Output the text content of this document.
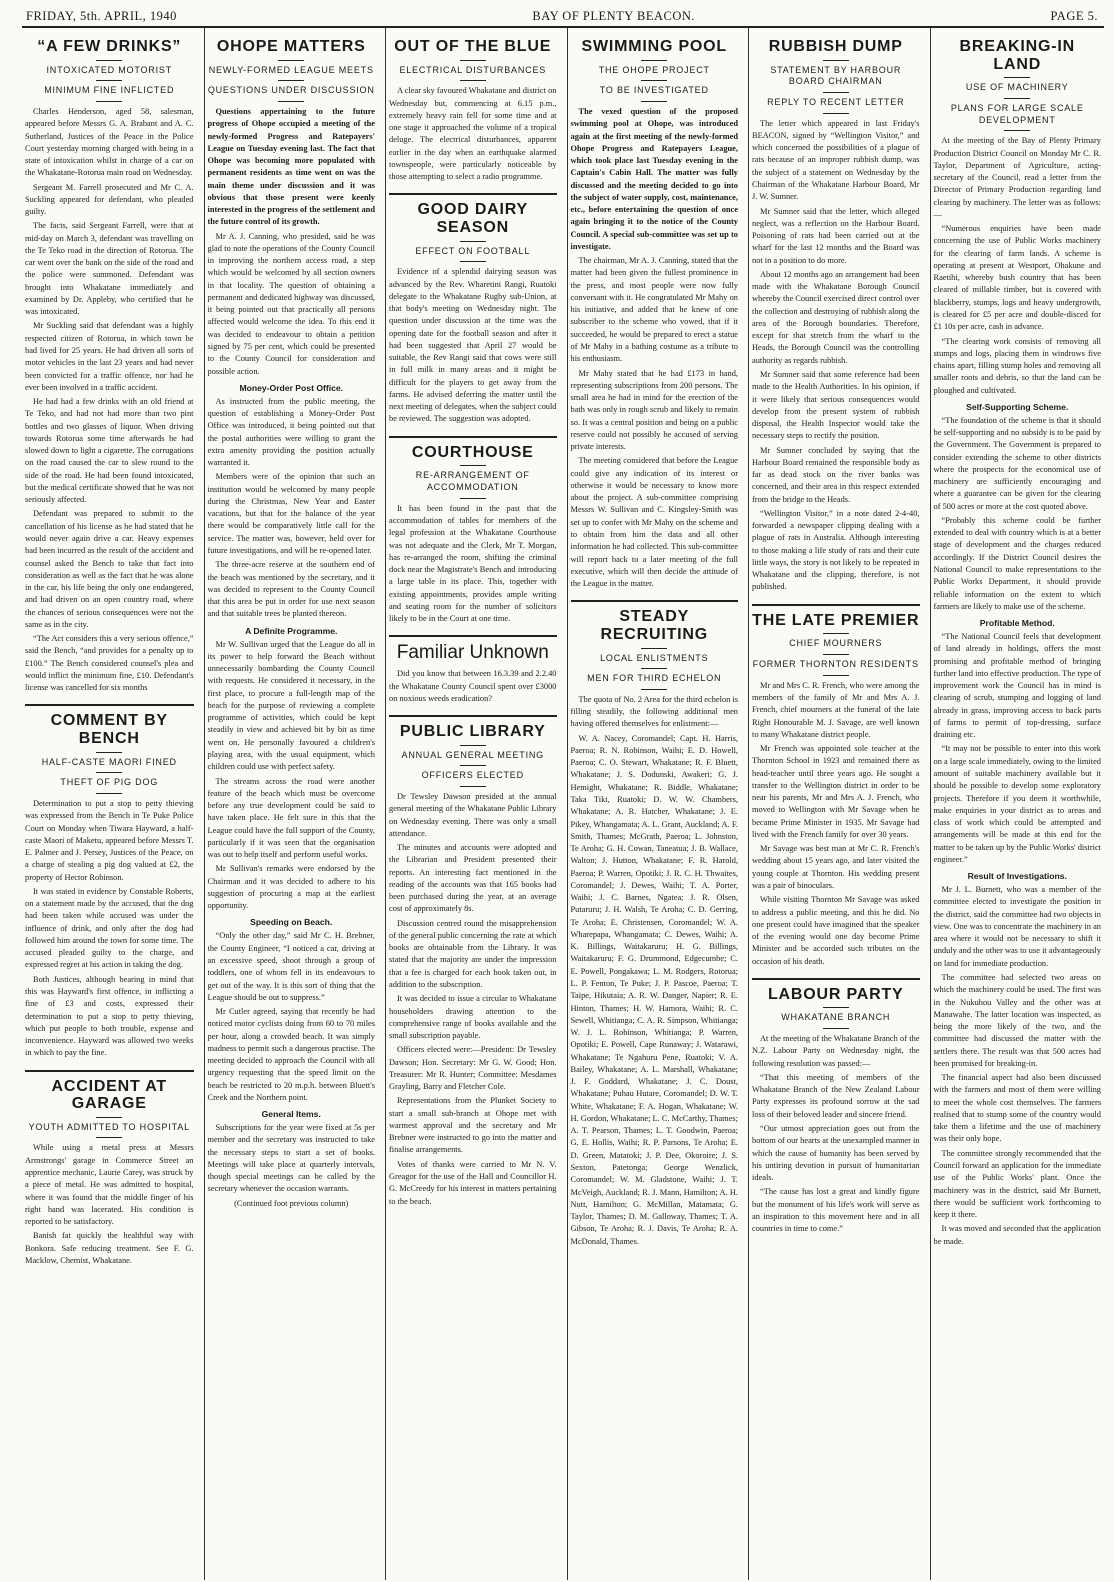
FRIDAY, 5th. APRIL, 1940	BAY OF PLENTY BEACON.	PAGE 5.
“A FEW DRINKS”
INTOXICATED MOTORIST
MINIMUM FINE INFLICTED

Charles Henderson, aged 58, salesman, appeared before Messrs G. A. Brabant and A. C. Sutherland, Justices of the Peace in the Police Court yesterday morning charged with being in a state of intoxication whilst in charge of a car on the Whakatane-Rotorua main road on Wednesday.

Sergeant M. Farrell prosecuted and Mr C. A. Suckling appeared for defendant, who pleaded guilty.

The facts, said Sergeant Farrell, were that at mid-day on March 3, defendant was travelling on the Te Teko road in the direction of Rotorua. The car went over the bank on the side of the road and the police were summoned. Defendant was brought into Whakatane immediately and examined by Dr. Appleby, who certified that he was intoxicated.

Mr Suckling said that defendant was a highly respected citizen of Rotorua, in which town he had lived for 25 years. He had driven all sorts of motor vehicles in the last 23 years and had never been convicted for a traffic offence, nor had he ever been involved in a traffic accident.

He had had a few drinks with an old friend at Te Teko, and had not had more than two pint bottles and two glasses of liquor. When driving towards Rotorua some time afterwards he had slowed down to light a cigarette. The corrugations on the road caused the car to slew round to the side of the road. He had been found intoxicated, but the medical certificate showed that he was not seriously affected.

Defendant was prepared to submit to the cancellation of his license as he had stated that he would never again drive a car. Heavy expenses had been incurred as the result of the accident and counsel asked the Bench to take that fact into consideration as well as the fact that he was alone in the car, his life being the only one endangered, and had driven on an open country road, where the chances of serious consequences were not the same as in the city.

“The Act considers this a very serious offence,” said the Bench, “and provides for a penalty up to £100.” The Bench considered counsel's plea and would inflict the minimum fine, £10. Defendant's license was cancelled for six months

COMMENT BY BENCH
HALF-CASTE MAORI FINED
THEFT OF PIG DOG

Determination to put a stop to petty thieving was expressed from the Bench in Te Puke Police Court on Monday when Tiwara Hayward, a half-caste Maori of Maketu, appeared before Messrs T. E. Palmer and J. Persey, Justices of the Peace, on a charge of stealing a pig dog valued at £2, the property of Hector Robinson.

It was stated in evidence by Constable Roberts, on a statement made by the accused, that the dog had been taken while accused was under the influence of drink, and only after the dog had followed him around the town for some time. The accused pleaded guilty to the charge, and expressed regret at his action in taking the dog.

Both Justices, although bearing in mind that this was Hayward's first offence, in inflicting a fine of £3 and costs, expressed their determination to put a stop to petty thieving, which put people to both trouble, expense and inconvenience. Hayward was allowed two weeks in which to pay the fine.

ACCIDENT AT GARAGE
YOUTH ADMITTED TO HOSPITAL

While using a metal press at Messrs Armstrongs' garage in Commerce Street an apprentice mechanic, Laurie Carey, was struck by a piece of metal. He was admitted to hospital, where it was found that the middle finger of his right hand was lacerated. His condition is reported to be satisfactory.

Banish fat quickly the healthful way with Bonkora. Safe reducing treatment. See F. G. Macklow, Chemist, Whakatane.

OHOPE MATTERS
NEWLY-FORMED LEAGUE MEETS
QUESTIONS UNDER DISCUSSION

Questions appertaining to the future progress of Ohope occupied a meeting of the newly-formed Progress and Ratepayers' League on Tuesday evening last. The fact that Ohope was becoming more populated with permanent residents as time went on was the main theme under discussion and it was obvious that those present were keenly interested in the progress of the settlement and the future control of its growth.

Mr A. J. Canning, who presided, said he was glad to note the operations of the County Council in improving the northern access road, a step which would be welcomed by all section owners in that locality. The question of obtaining a permanent and dedicated highway was discussed, it being pointed out that practically all persons affected would welcome the idea. To this end it was decided to endeavour to obtain a petition signed by 75 per cent, which could be presented to the County Council for consideration and possible action.

Money-Order Post Office.

As instructed from the public meeting, the question of establishing a Money-Order Post Office was introduced, it being pointed out that the postal authorities were willing to grant the extra amenity providing the position actually warranted it.

Members were of the opinion that such an institution would be welcomed by many people during the Christmas, New Year and Easter vacations, but that for the balance of the year there would be comparatively little call for the service. The matter was, however, held over for future investigations, and will be re-opened later.

The three-acre reserve at the southern end of the beach was mentioned by the secretary, and it was decided to represent to the County Council that this area be put in order for use next season and that suitable trees be planted thereon.

A Definite Programme.

Mr W. Sullivan urged that the League do all in its power to help forward the Beach without unnecessarily bombarding the County Council with requests. He considered it necessary, in the first place, to procure a full-length map of the beach for the purpose of reviewing a complete programme of activities, which could be kept steadily in view and achieved bit by bit as time went on. He personally favoured a children's playing area, with the usual equipment, which children could use with perfect safety.

The streams across the road were another feature of the beach which must be overcome before any true development could be said to have taken place. He felt sure in this that the League could have the full support of the County, particularly if it was seen that the organisation was out to help itself and perform useful works.

Mr Sullivan's remarks were endorsed by the Chairman and it was decided to adhere to his suggestion of procuring a map at the earliest opportunity.

Speeding on Beach.

“Only the other day,” said Mr C. H. Brebner, the County Engineer, “I noticed a car, driving at an excessive speed, shoot through a group of toddlers, one of whom fell in its endeavours to get out of the way. It is this sort of thing that the League should be out to suppress.”

Mr Cutler agreed, saying that recently he had noticed motor cyclists doing from 60 to 70 miles per hour, along a crowded beach. It was simply madness to permit such a dangerous practise. The meeting decided to approach the Council with all urgency requesting that the speed limit on the beach be restricted to 20 m.p.h. between Bluett's Creek and the Northern point.

General Items.

Subscriptions for the year were fixed at 5s per member and the secretary was instructed to take the necessary steps to start a set of books. Meetings will take place at quarterly intervals, though special meetings can be called by the secretary whenever the occasion warrants.

(Continued foot previous column)
OUT OF THE BLUE
ELECTRICAL DISTURBANCES

A clear sky favoured Whakatane and district on Wednesday but, commencing at 6.15 p.m., extremely heavy rain fell for some time and at one stage it approached the volume of a tropical deluge. The electrical disturbances, apparent earlier in the day when an earthquake alarmed townspeople, were particularly noticeable by those attempting to select a radio programme.

GOOD DAIRY SEASON
EFFECT ON FOOTBALL

Evidence of a splendid dairying season was advanced by the Rev. Wharetini Rangi, Ruatoki delegate to the Whakatane Rugby sub-Union, at that body's meeting on Wednesday night. The question under discussion at the time was the opening date for the football season and after it had been suggested that April 27 would be suitable, the Rev Rangi said that cows were still in full milk in many areas and it might be difficult for the players to get away from the farms. He advised deferring the matter until the next meeting of delegates, when the subject could be reviewed. The suggestion was adopted.

COURTHOUSE
RE-ARRANGEMENT OF ACCOMMODATION

It has been found in the past that the accommodation of tables for members of the legal profession at the Whakatane Courthouse was not adequate and the Clerk, Mr T. Morgan, has re-arranged the room, shifting the criminal dock near the Magistrate's Bench and introducing a large table in its place. This, together with existing appointments, provides ample writing and seating room for the number of solicitors likely to be in the Court at one time.

Familiar Unknown

Did you know that between 16.3.39 and 2.2.40 the Whakatane County Council spent over £3000 on noxious weeds eradication?

PUBLIC LIBRARY
ANNUAL GENERAL MEETING
OFFICERS ELECTED

Dr Tewsley Dawson presided at the annual general meeting of the Whakatane Public Library on Wednesday evening. There was only a small attendance.

The minutes and accounts were adopted and the Librarian and President presented their reports. An interesting fact mentioned in the reading of the accounts was that 165 books had been purchased during the year, at an average cost of approximately 8s.

Discussion centred round the misapprehension of the general public concerning the rate at which books are obtainable from the Library. It was stated that the majority are under the impression that a fee is charged for each book taken out, in addition to the subscription.

It was decided to issue a circular to Whakatane householders drawing attention to the comprehensive range of books available and the small subscription payable.

Officers elected were:—President: Dr Tewsley Dawson; Hon. Secretary: Mr G. W. Good; Hon. Treasurer: Mr R. Hunter; Committee: Mesdames Grayling, Barry and Fletcher Cole.

Representations from the Plunket Society to start a small sub-branch at Ohope met with warmest approval and the secretary and Mr Brebner were instructed to go into the matter and finalise arrangements.

Votes of thanks were carried to Mr N. V. Greagor for the use of the Hall and Councillor H. G. McCreedy for his interest in matters pertaining to the beach.

SWIMMING POOL
THE OHOPE PROJECT
TO BE INVESTIGATED

The vexed question of the proposed swimming pool at Ohope, was introduced again at the first meeting of the newly-formed Ohope Progress and Ratepayers League, which took place last Tuesday evening in the Captain's Cabin Hall. The matter was fully discussed and the meeting decided to go into the subject of water supply, cost, maintenance, etc., before entertaining the question of once again bringing it to the notice of the County Council. A special sub-committee was set up to investigate.

The chairman, Mr A. J. Canning, stated that the matter had been given the fullest prominence in the press, and most people were now fully conversant with it. He congratulated Mr Mahy on his initiative, and added that he knew of one subscriber to the scheme who vowed, that if it succeeded, he would be prepared to erect a statue of Mr Mahy in a bathing costume as a tribute to his enthusiasm.

Mr Mahy stated that he had £173 in hand, representing subscriptions from 200 persons. The small area he had in mind for the erection of the bath was only in rough scrub and likely to remain so. It was a central position and being on a public reserve could not possibly be accused of serving private interests.

The meeting considered that before the League could give any indication of its interest or otherwise it would be necessary to know more about the project. A sub-committee comprising Messrs W. Sullivan and C. Kingsley-Smith was set up to confer with Mr Mahy on the scheme and to obtain from him the data and all other information he had collected. This sub-committee will report back to a later meeting of the full executive, which will then decide the attitude of the League in the matter.

STEADY RECRUITING
LOCAL ENLISTMENTS
MEN FOR THIRD ECHELON

The quota of No. 2 Area for the third echelon is filling steadily, the following additional men having offered themselves for enlistment:—

W. A. Nacey, Coromandel; Capt. H. Harris, Paeroa; R. N. Robinson, Waihi; E. D. Howell, Paeroa; C. O. Stewart, Whakatane; R. F. Bluett, Whakatane; J. S. Dodunski, Awakeri; G. J. Hemight, Whakatane; R. Biddle, Whakatane; Taka Tiki, Ruatoki; D. W. W. Chambers, Whakatane; A. R. Hatcher, Whakatane; J. E. Pikey, Whangamata; A. L. Grant, Auckland; A. F. Smith, Thames; McGrath, Paeroa; L. Johnston, Te Aroha; G. H. Cowan, Taneatua; J. B. Wallace, Walton; J. Hutton, Whakatane; F. R. Harold, Paeroa; P. Warren, Opotiki; J. R. C. H. Thwaites, Coromandel; J. Dewes, Waihi; T. A. Porter, Waihi; J. C. Barnes, Ngatea; J. R. Olsen, Putaruru; J. H. Walsh, Te Aroha; C. D. Gerring, Te Aroha; E. Christensen, Coromandel; W. A. Wharepapa, Whangamata; C. Dewes, Waihi; A. K. Billings, Waitakaruru; H. G. Billings, Waitakaruru; F. G. Drummond, Edgecumbe; C. E. Powell, Pongakawa; L. M. Rodgers, Rotorua; L. P. Fenton, Te Puke; J. P. Pascoe, Paeroa; T. Taipe, Hikutaia; A. R. W. Danger, Napier; R. E. Hinton, Thames; H. W. Hamora, Waihi; R. C. Sewell, Whitianga; C. A. R. Simpson, Whitianga; W. J. L. Robinson, Whitianga; P. Warren, Opotiki; E. Powell, Cape Runaway; J. Watarawi, Whakatane; Te Ngahuru Pene, Ruatoki; V. A. Bailey, Whakatane; A. L. Marshall, Whakatane; J. F. Goddard, Whakatane; J. C. Doust, Whakatane; Puhau Hutare, Coromandel; D. W. T. White, Whakatane; F. A. Hogan, Whakatane; W. H. Gordon, Whakatane; L. C. McCarthy, Thames; A. T. Pearson, Thames; L. T. Goodwin, Paeroa; G. E. Hollis, Waihi; R. P. Parsons, Te Aroha; E. D. Green, Matatoki; J. P. Dee, Okoroire; J. S. Sexton, Patetonga; George Wenzlick, Coromandel; W. M. Gladstone, Waihi; J. T. McVeigh, Auckland; R. J. Mann, Hamilton; A. H. Nutt, Hamilton; G. McMillan, Matamata; G. Taylor, Thames; D. M. Galloway, Thames; T. A. Gibson, Te Aroha; R. J. Davis, Te Aroha; R. A. McDonald, Thames.

RUBBISH DUMP
STATEMENT BY HARBOUR BOARD CHAIRMAN
REPLY TO RECENT LETTER

The letter which appeared in last Friday's BEACON, signed by “Wellington Visitor,” and which concerned the possibilities of a plague of rats because of an improper rubbish dump, was the subject of a statement on Wednesday by the Chairman of the Whakatane Harbour Board, Mr J. W. Sumner.

Mr Sumner said that the letter, which alleged neglect, was a reflection on the Harbour Board. Poisoning of rats had been carried out at the wharf for the last 12 months and the Board was not in a position to do more.

About 12 months ago an arrangement had been made with the Whakatane Borough Council whereby the Council exercised direct control over the collection and destroying of rubbish along the area of the Borough boundaries. Therefore, except for that stretch from the wharf to the Heads, the Borough Council was the controlling authority as regards rubbish.

Mr Sumner said that some reference had been made to the Health Authorities. In his opinion, if it were likely that serious consequences would develop from the present system of rubbish disposal, the Health Inspector would take the necessary steps to rectify the position.

Mr Sumner concluded by saying that the Harbour Board remained the responsible body as far as dead stock on the river banks was concerned, and their area in this respect extended from the bridge to the Heads.

“Wellington Visitor,” in a note dated 2-4-40, forwarded a newspaper clipping dealing with a plague of rats in Australia. Although interesting to those making a life study of rats and their cute little ways, the story is not likely to be repeated in Whakatane and the clipping, therefore, is not published.

THE LATE PREMIER
CHIEF MOURNERS
FORMER THORNTON RESIDENTS

Mr and Mrs C. R. French, who were among the members of the family of Mr and Mrs A. J. French, chief mourners at the funeral of the late Right Honourable M. J. Savage, are well known to many Whakatane district people.

Mr French was appointed sole teacher at the Thornton School in 1923 and remained there as head-teacher until three years ago. He sought a transfer to the Wellington district in order to be near his parents, Mr and Mrs A. J. French, who moved to Wellington with Mr Savage when he became Prime Minister in 1935. Mr Savage had lived with the French family for over 30 years.

Mr Savage was best man at Mr C. R. French's wedding about 15 years ago, and later visited the young couple at Thornton. His wedding present was a pair of binoculars.

While visiting Thornton Mr Savage was asked to address a public meeting, and this he did. No one present could have imagined that the speaker of the evening would one day become Prime Minister and be accorded such tributes on the occasion of his death.

LABOUR PARTY
WHAKATANE BRANCH

At the meeting of the Whakatane Branch of the N.Z. Labour Party on Wednesday night, the following resolution was passed:—

“That this meeting of members of the Whakatane Branch of the New Zealand Labour Party expresses its profound sorrow at the sad loss of their beloved leader and sincere friend.

“Our utmost appreciation goes out from the bottom of our hearts at the unexampled manner in which the cause of humanity has been served by his untiring devotion in pursuit of humanitarian ideals.

“The cause has lost a great and kindly figure but the monument of his life's work will serve as an inspiration to this movement here and in all countries in time to come.”

BREAKING-IN LAND
USE OF MACHINERY
PLANS FOR LARGE SCALE DEVELOPMENT

At the meeting of the Bay of Plenty Primary Production District Council on Monday Mr C. R. Taylor, Department of Agriculture, acting-secretary of the Council, read a letter from the Director of Primary Production regarding land clearing by machinery. The letter was as follows:—

“Numerous enquiries have been made concerning the use of Public Works machinery for the clearing of farm lands. A scheme is operating at present at Westport, Ohakune and Raetihi, whereby bush country that has been cleared of millable timber, but is covered with blackberry, stumps, logs and heavy undergrowth, is cleared for £5 per acre and double-disced for £1 10s per acre, cash in advance.

“The clearing work consists of removing all stumps and logs, placing them in windrows five chains apart, filling stump holes and removing all smaller roots and debris, so that the land can be ploughed and cultivated.

Self-Supporting Scheme.

“The foundation of the scheme is that it should be self-supporting and no subsidy is to be paid by the Government. The Government is prepared to consider extending the scheme to other districts where the prospects for the economical use of machinery are sufficiently encouraging and where a guarantee can be given for the clearing of 500 acres or more at the cost quoted above.

“Probably this scheme could be further extended to deal with country which is at a better stage of development and the charges reduced accordingly. If the District Council desires the National Council to make representations to the Public Works Department, it should provide reliable information on the extent to which farmers are likely to make use of the scheme.

Profitable Method.

“The National Council feels that development of land already in holdings, offers the most promising and profitable method of bringing further land into effective production. The type of improvement work the Council has in mind is clearing of scrub, stumping and logging of land already in grass, improving access to back parts of farms to permit of top-dressing, surface draining etc.

“It may not be possible to enter into this work on a large scale immediately, owing to the limited amount of suitable machinery available but it should be possible to develop some exploratory projects. Therefore if you deem it worthwhile, make enquiries in your district as to areas and class of work which could be attempted and arrangements will be made at this end for the matter to be taken up by the Public Works' district engineer.”

Result of Investigations.

Mr J. L. Burnett, who was a member of the committee elected to investigate the position in the district, said the committee had two objects in view. One was to concentrate the machinery in an area where it would not be necessary to shift it unduly and the other was to use it advantageously on land for immediate production.

The committee had selected two areas on which the machinery could be used. The first was in the Nukuhou Valley and the other was at Manawahe. The latter location was inspected, as being the more likely of the two, and the committee had discussed the matter with the settlers there. The result was that 500 acres had been promised for breaking-in.

The financial aspect had also been discussed with the farmers and most of them were willing to meet the whole cost themselves. The farmers realised that to stump some of the country would take them a lifetime and the use of machinery was their only hope.

The committee strongly recommended that the Council forward an application for the immediate use of the Public Works' plant. Once the machinery was in the district, said Mr Burnett, there would be sufficient work forthcoming to keep it there.

It was moved and seconded that the application be made.
